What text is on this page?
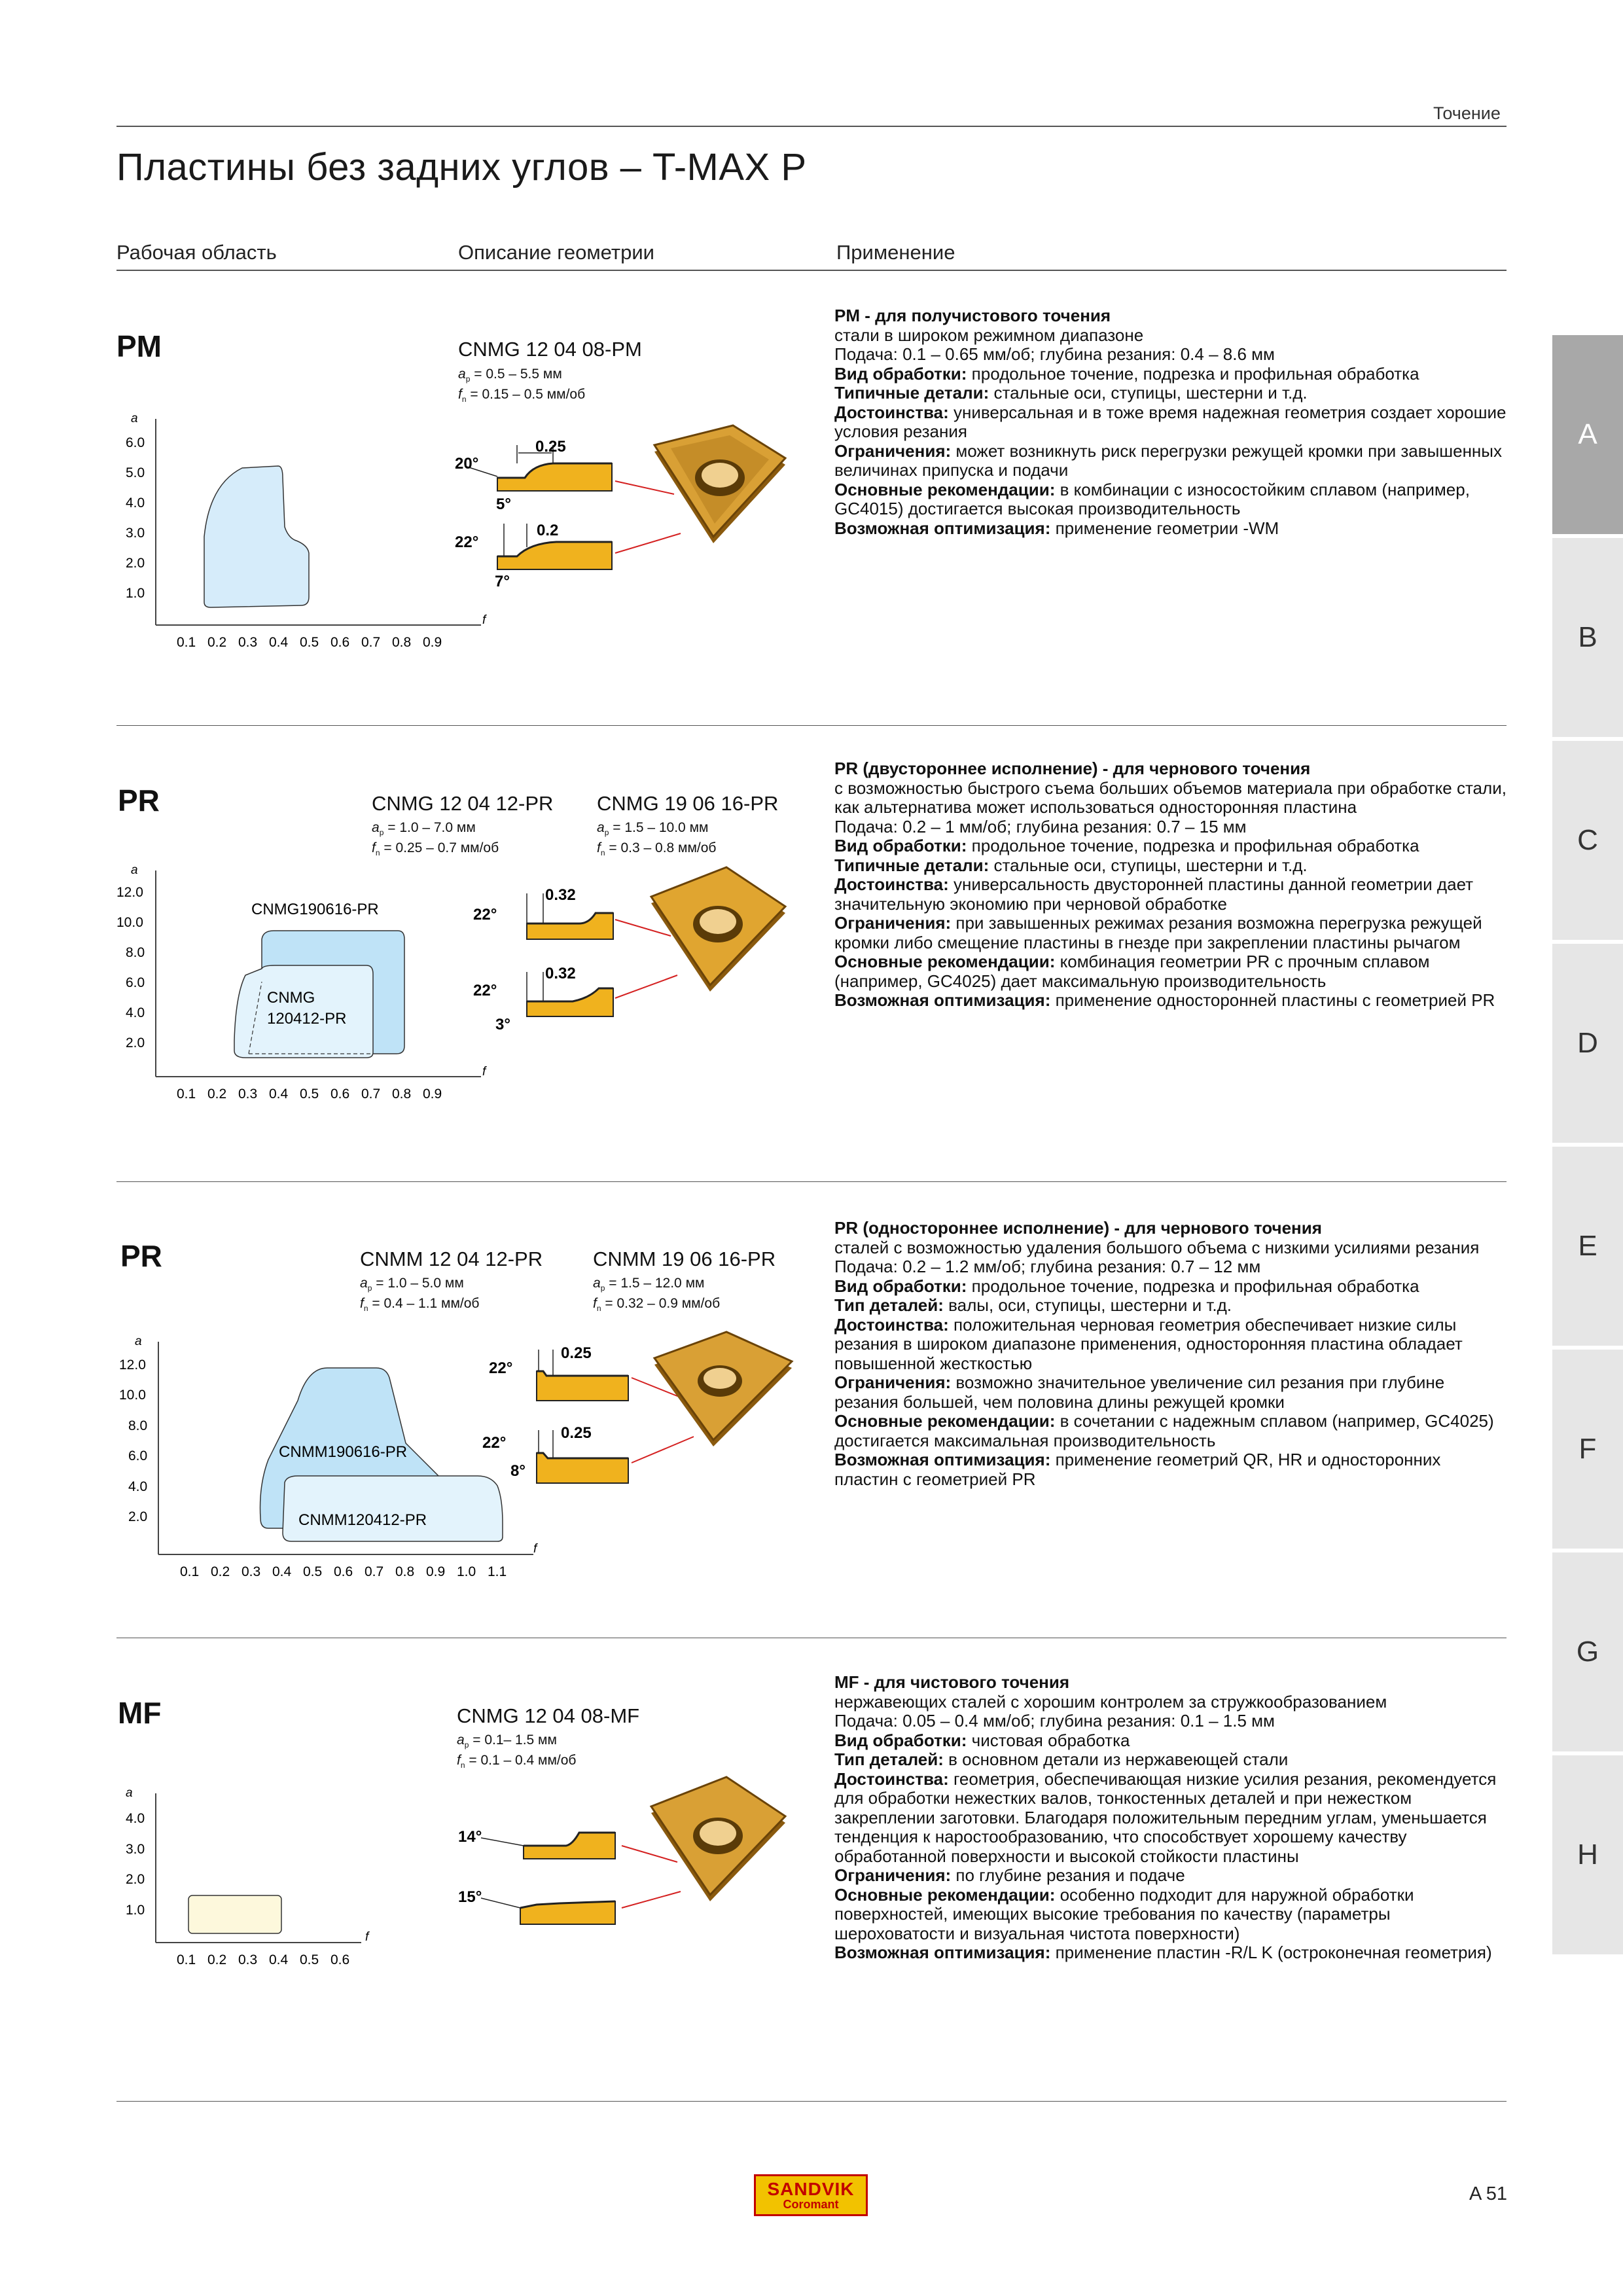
Точение
Пластины без задних углов – T-MAX P
Рабочая область	Описание геометрии	Применение
PM	CNMG 12 04 08-PM
$a_p = 0.5 - 5.5$ мм
$f_n = 0.15 - 0.5$ мм/об
a
f
6.0
5.0
4.0
3.0
2.0
1.0
0.1 0.2 0.3 0.4 0.5 0.6 0.7 0.8 0.9
0.25
20°
5°
0.2
22°
7°

PM - для получистового точения

стали в широком режимном диапазоне

Подача: 0.1 – 0.65 мм/об; глубина резания: 0.4 – 8.6 мм

Вид обработки: продольное точение, подрезка и профильная обработка

Типичные детали: стальные оси, ступицы, шестерни и т.д.

Достоинства: универсальная и в тоже время надежная геометрия создает хорошие условия резания

Ограничения: может возникнуть риск перегрузки режущей кромки при завышенных величинах припуска и подачи

Основные рекомендации: в комбинации с износостойким сплавом (например, GC4015) достигается высокая производительность

Возможная оптимизация: применение геометрии -WM

PR	CNMG 12 04 12-PR
$a_p = 1.0 - 7.0$ мм
$f_n = 0.25 - 0.7$ мм/об
CNMG 19 06 16-PR
$a_p = 1.5 - 10.0$ мм
$f_n = 0.3 - 0.8$ мм/об
a
f
CNMG190616-PR
CNMG
120412-PR
12.0
10.0
8.0
6.0
4.0
2.0
0.1 0.2 0.3 0.4 0.5 0.6 0.7 0.8 0.9
0.32
22°
0.32
22°
3°

PR (двустороннее исполнение) - для чернового точения

с возможностью быстрого съема больших объемов материала при обработке стали, как альтернатива может использоваться односторонняя пластина

Подача: 0.2 – 1 мм/об; глубина резания: 0.7 – 15 мм

Вид обработки: продольное точение, подрезка и профильная обработка

Типичные детали: стальные оси, ступицы, шестерни и т.д.

Достоинства: универсальность двусторонней пластины данной геометрии дает значительную экономию при черновой обработке

Ограничения: при завышенных режимах резания возможна перегрузка режущей кромки либо смещение пластины в гнезде при закреплении пластины рычагом

Основные рекомендации: комбинация геометрии PR с прочным сплавом (например, GC4025) дает максимальную производительность

Возможная оптимизация: применение односторонней пластины с геометрией PR

PR	CNMM 12 04 12-PR
$a_p = 1.0 - 5.0$ мм
$f_n = 0.4 - 1.1$ мм/об
CNMM 19 06 16-PR
$a_p = 1.5 - 12.0$ мм
$f_n = 0.32 - 0.9$ мм/об
a
f
CNMM190616-PR
CNMM120412-PR
12.0
10.0
8.0
6.0
4.0
2.0
0.1 0.2 0.3 0.4 0.5 0.6 0.7 0.8 0.9 1.0 1.1
0.25
22°
0.25
22°
8°

PR (одностороннее исполнение) - для чернового точения

сталей с возможностью удаления большого объема с низкими усилиями резания

Подача: 0.2 – 1.2 мм/об; глубина резания: 0.7 – 12 мм

Вид обработки: продольное точение, подрезка и профильная обработка

Тип деталей: валы, оси, ступицы, шестерни и т.д.

Достоинства: положительная черновая геометрия обеспечивает низкие силы резания в широком диапазоне применения, односторонняя пластина обладает повышенной жесткостью

Ограничения: возможно значительное увеличение сил резания при глубине резания большей, чем половина длины режущей кромки

Основные рекомендации: в сочетании с надежным сплавом (например, GC4025) достигается максимальная производительность

Возможная оптимизация: применение геометрий QR, HR и односторонних пластин с геометрией PR

MF	CNMG 12 04 08-MF
$a_p = 0.1-$ 1.5 мм
$f_n = 0.1 - 0.4$ мм/об
a
f
4.0
3.0
2.0
1.0
0.1 0.2 0.3 0.4 0.5 0.6
14°
15°

MF - для чистового точения

нержавеющих сталей с хорошим контролем за стружкообразованием

Подача: 0.05 – 0.4 мм/об; глубина резания: 0.1 – 1.5 мм

Вид обработки: чистовая обработка

Тип деталей: в основном детали из нержавеющей стали

Достоинства: геометрия, обеспечивающая низкие усилия резания, рекомендуется для обработки нежестких валов, тонкостенных деталей и при нежестком закреплении заготовки. Благодаря положительным передним углам, уменьшается тенденция к наростообразованию, что способствует хорошему качеству обработанной поверхности и высокой стойкости пластины

Ограничения: по глубине резания и подаче

Основные рекомендации: особенно подходит для наружной обработки поверхностей, имеющих высокие требования по качеству (параметры шероховатости и визуальная чистота поверхности)

Возможная оптимизация: применение пластин -R/L K (остроконечная геометрия)

A
B
C
D
E
F
G
H
SANDVIK
Coromant	A 51
